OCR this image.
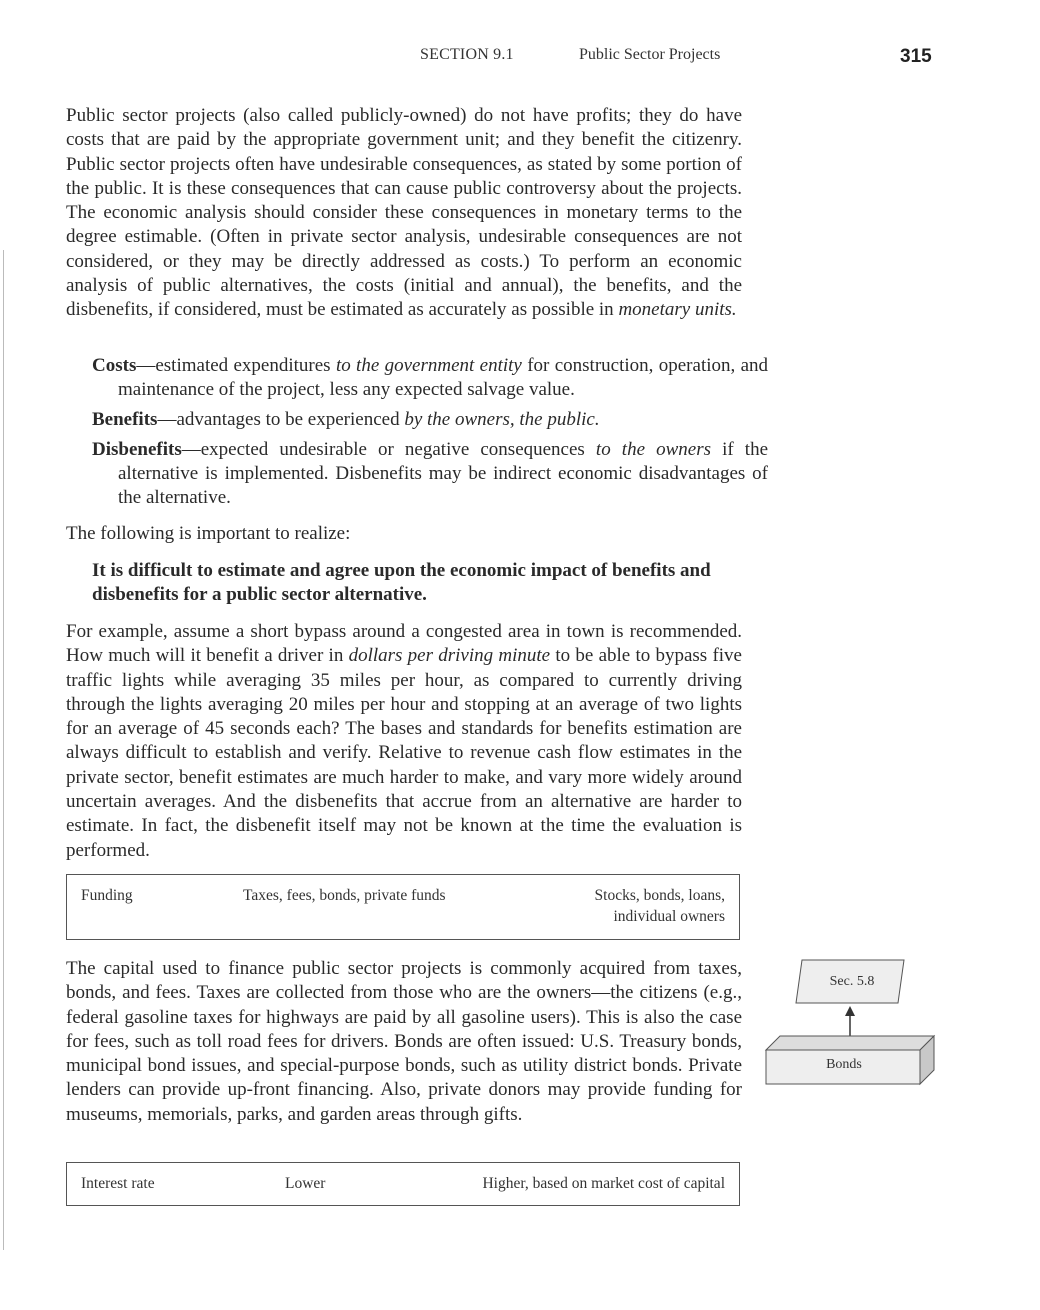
SECTION 9.1	Public Sector Projects	315

Public sector projects (also called publicly-owned) do not have profits; they do have costs that are paid by the appropriate government unit; and they benefit the citizenry. Public sector projects often have undesirable consequences, as stated by some portion of the public. It is these consequences that can cause public controversy about the projects. The economic analysis should consider these consequences in monetary terms to the degree estimable. (Often in private sector analysis, undesirable consequences are not considered, or they may be directly addressed as costs.) To perform an economic analysis of public alternatives, the costs (initial and annual), the benefits, and the disbenefits, if considered, must be estimated as accurately as possible in monetary units.

Costs—estimated expenditures to the government entity for construction, operation, and maintenance of the project, less any expected salvage value.

Benefits—advantages to be experienced by the owners, the public.

Disbenefits—expected undesirable or negative consequences to the owners if the alternative is implemented. Disbenefits may be indirect economic disadvantages of the alternative.

The following is important to realize:

It is difficult to estimate and agree upon the economic impact of benefits and disbenefits for a public sector alternative.

For example, assume a short bypass around a congested area in town is recommended. How much will it benefit a driver in dollars per driving minute to be able to bypass five traffic lights while averaging 35 miles per hour, as compared to currently driving through the lights averaging 20 miles per hour and stopping at an average of two lights for an average of 45 seconds each? The bases and standards for benefits estimation are always difficult to establish and verify. Relative to revenue cash flow estimates in the private sector, benefit estimates are much harder to make, and vary more widely around uncertain averages. And the disbenefits that accrue from an alternative are harder to estimate. In fact, the disbenefit itself may not be known at the time the evaluation is performed.

Funding	Taxes, fees, bonds, private funds	Stocks, bonds, loans,
individual owners

The capital used to finance public sector projects is commonly acquired from taxes, bonds, and fees. Taxes are collected from those who are the owners—the citizens (e.g., federal gasoline taxes for highways are paid by all gasoline users). This is also the case for fees, such as toll road fees for drivers. Bonds are often issued: U.S. Treasury bonds, municipal bond issues, and special-purpose bonds, such as utility district bonds. Private lenders can provide up-front financing. Also, private donors may provide funding for museums, memorials, parks, and garden areas through gifts.

Interest rate	Lower	Higher, based on market cost of capital
Sec. 5.8
Bonds
